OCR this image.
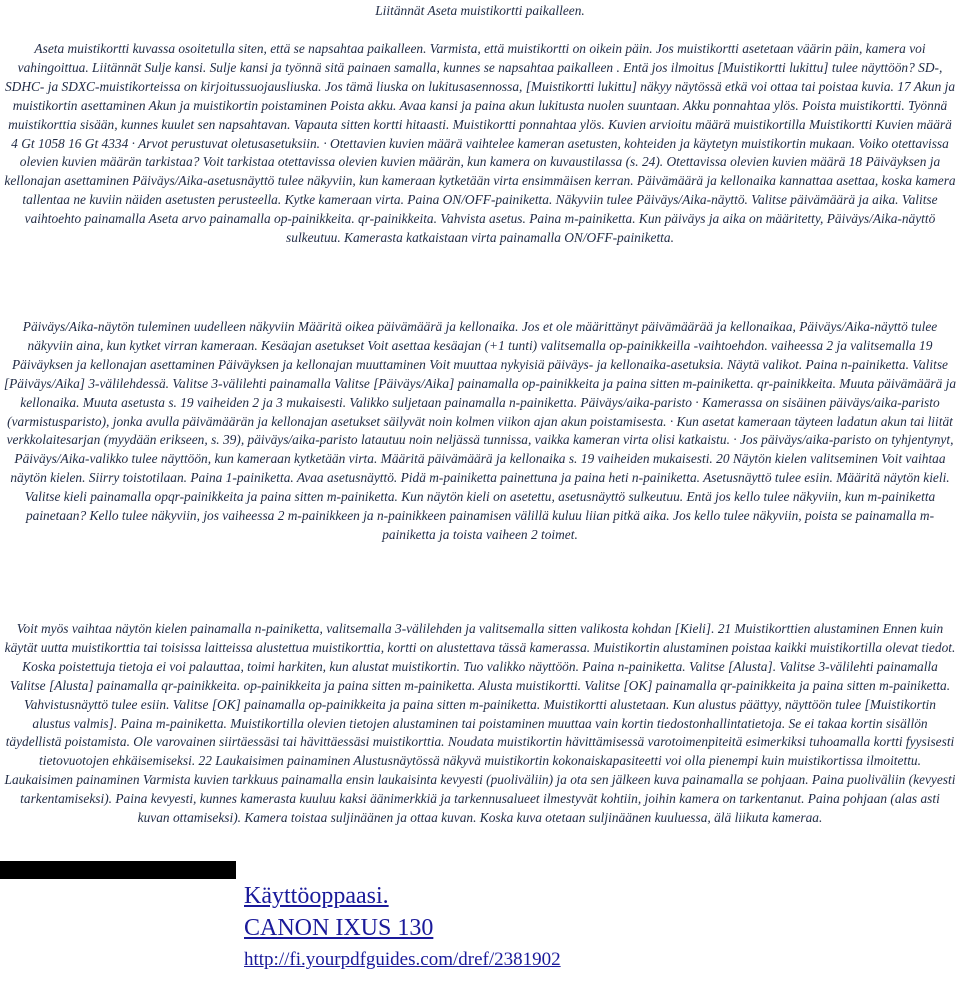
Liitännät Aseta muistikortti paikalleen.

Aseta muistikortti kuvassa osoitetulla siten, että se napsahtaa paikalleen. Varmista, että muistikortti on oikein päin. Jos muistikortti asetetaan väärin päin, kamera voi vahingoittua. Liitännät Sulje kansi. Sulje kansi ja työnnä sitä painaen samalla, kunnes se napsahtaa paikalleen . Entä jos ilmoitus [Muistikortti lukittu] tulee näyttöön? SD-, SDHC- ja SDXC-muistikorteissa on kirjoitussuojausliuska. Jos tämä liuska on lukitusasennossa, [Muistikortti lukittu] näkyy näytössä etkä voi ottaa tai poistaa kuvia. 17 Akun ja muistikortin asettaminen Akun ja muistikortin poistaminen Poista akku. Avaa kansi ja paina akun lukitusta nuolen suuntaan. Akku ponnahtaa ylös. Poista muistikortti. Työnnä muistikorttia sisään, kunnes kuulet sen napsahtavan. Vapauta sitten kortti hitaasti. Muistikortti ponnahtaa ylös. Kuvien arvioitu määrä muistikortilla Muistikortti Kuvien määrä 4 Gt 1058 16 Gt 4334 · Arvot perustuvat oletusasetuksiin. · Otettavien kuvien määrä vaihtelee kameran asetusten, kohteiden ja käytetyn muistikortin mukaan. Voiko otettavissa olevien kuvien määrän tarkistaa? Voit tarkistaa otettavissa olevien kuvien määrän, kun kamera on kuvaustilassa (s. 24). Otettavissa olevien kuvien määrä 18 Päiväyksen ja kellonajan asettaminen Päiväys/Aika-asetusnäyttö tulee näkyviin, kun kameraan kytketään virta ensimmäisen kerran. Päivämäärä ja kellonaika kannattaa asettaa, koska kamera tallentaa ne kuviin näiden asetusten perusteella. Kytke kameraan virta. Paina ON/OFF-painiketta. Näkyviin tulee Päiväys/Aika-näyttö. Valitse päivämäärä ja aika. Valitse vaihtoehto painamalla Aseta arvo painamalla op-painikkeita. qr-painikkeita. Vahvista asetus. Paina m-painiketta. Kun päiväys ja aika on määritetty, Päiväys/Aika-näyttö sulkeutuu. Kamerasta katkaistaan virta painamalla ON/OFF-painiketta.

Päiväys/Aika-näytön tuleminen uudelleen näkyviin Määritä oikea päivämäärä ja kellonaika. Jos et ole määrittänyt päivämäärää ja kellonaikaa, Päiväys/Aika-näyttö tulee näkyviin aina, kun kytket virran kameraan. Kesäajan asetukset Voit asettaa kesäajan (+1 tunti) valitsemalla op-painikkeilla -vaihtoehdon. vaiheessa 2 ja valitsemalla 19 Päiväyksen ja kellonajan asettaminen Päiväyksen ja kellonajan muuttaminen Voit muuttaa nykyisiä päiväys- ja kellonaika-asetuksia. Näytä valikot. Paina n-painiketta. Valitse [Päiväys/Aika] 3-välilehdessä. Valitse 3-välilehti painamalla Valitse [Päiväys/Aika] painamalla op-painikkeita ja paina sitten m-painiketta. qr-painikkeita. Muuta päivämäärä ja kellonaika. Muuta asetusta s. 19 vaiheiden 2 ja 3 mukaisesti. Valikko suljetaan painamalla n-painiketta. Päiväys/aika-paristo · Kamerassa on sisäinen päiväys/aika-paristo (varmistusparisto), jonka avulla päivämäärän ja kellonajan asetukset säilyvät noin kolmen viikon ajan akun poistamisesta. · Kun asetat kameraan täyteen ladatun akun tai liität verkkolaitesarjan (myydään erikseen, s. 39), päiväys/aika-paristo latautuu noin neljässä tunnissa, vaikka kameran virta olisi katkaistu. · Jos päiväys/aika-paristo on tyhjentynyt, Päiväys/Aika-valikko tulee näyttöön, kun kameraan kytketään virta. Määritä päivämäärä ja kellonaika s. 19 vaiheiden mukaisesti. 20 Näytön kielen valitseminen Voit vaihtaa näytön kielen. Siirry toistotilaan. Paina 1-painiketta. Avaa asetusnäyttö. Pidä m-painiketta painettuna ja paina heti n-painiketta. Asetusnäyttö tulee esiin. Määritä näytön kieli. Valitse kieli painamalla opqr-painikkeita ja paina sitten m-painiketta. Kun näytön kieli on asetettu, asetusnäyttö sulkeutuu. Entä jos kello tulee näkyviin, kun m-painiketta painetaan? Kello tulee näkyviin, jos vaiheessa 2 m-painikkeen ja n-painikkeen painamisen välillä kuluu liian pitkä aika. Jos kello tulee näkyviin, poista se painamalla m-painiketta ja toista vaiheen 2 toimet.

Voit myös vaihtaa näytön kielen painamalla n-painiketta, valitsemalla 3-välilehden ja valitsemalla sitten valikosta kohdan [Kieli]. 21 Muistikorttien alustaminen Ennen kuin käytät uutta muistikorttia tai toisissa laitteissa alustettua muistikorttia, kortti on alustettava tässä kamerassa. Muistikortin alustaminen poistaa kaikki muistikortilla olevat tiedot. Koska poistettuja tietoja ei voi palauttaa, toimi harkiten, kun alustat muistikortin. Tuo valikko näyttöön. Paina n-painiketta. Valitse [Alusta]. Valitse 3-välilehti painamalla Valitse [Alusta] painamalla qr-painikkeita. op-painikkeita ja paina sitten m-painiketta. Alusta muistikortti. Valitse [OK] painamalla qr-painikkeita ja paina sitten m-painiketta. Vahvistusnäyttö tulee esiin. Valitse [OK] painamalla op-painikkeita ja paina sitten m-painiketta. Muistikortti alustetaan. Kun alustus päättyy, näyttöön tulee [Muistikortin alustus valmis]. Paina m-painiketta. Muistikortilla olevien tietojen alustaminen tai poistaminen muuttaa vain kortin tiedostonhallintatietoja. Se ei takaa kortin sisällön täydellistä poistamista. Ole varovainen siirtäessäsi tai hävittäessäsi muistikorttia. Noudata muistikortin hävittämisessä varotoimenpiteitä esimerkiksi tuhoamalla kortti fyysisesti tietovuotojen ehkäisemiseksi. 22 Laukaisimen painaminen Alustusnäytössä näkyvä muistikortin kokonaiskapasiteetti voi olla pienempi kuin muistikortissa ilmoitettu. Laukaisimen painaminen Varmista kuvien tarkkuus painamalla ensin laukaisinta kevyesti (puoliväliin) ja ota sen jälkeen kuva painamalla se pohjaan. Paina puoliväliin (kevyesti tarkentamiseksi). Paina kevyesti, kunnes kamerasta kuuluu kaksi äänimerkkiä ja tarkennusalueet ilmestyvät kohtiin, joihin kamera on tarkentanut. Paina pohjaan (alas asti kuvan ottamiseksi). Kamera toistaa suljinäänen ja ottaa kuvan. Koska kuva otetaan suljinäänen kuuluessa, älä liikuta kameraa.

Käyttöoppaasi.
CANON IXUS 130
http://fi.yourpdfguides.com/dref/2381902
